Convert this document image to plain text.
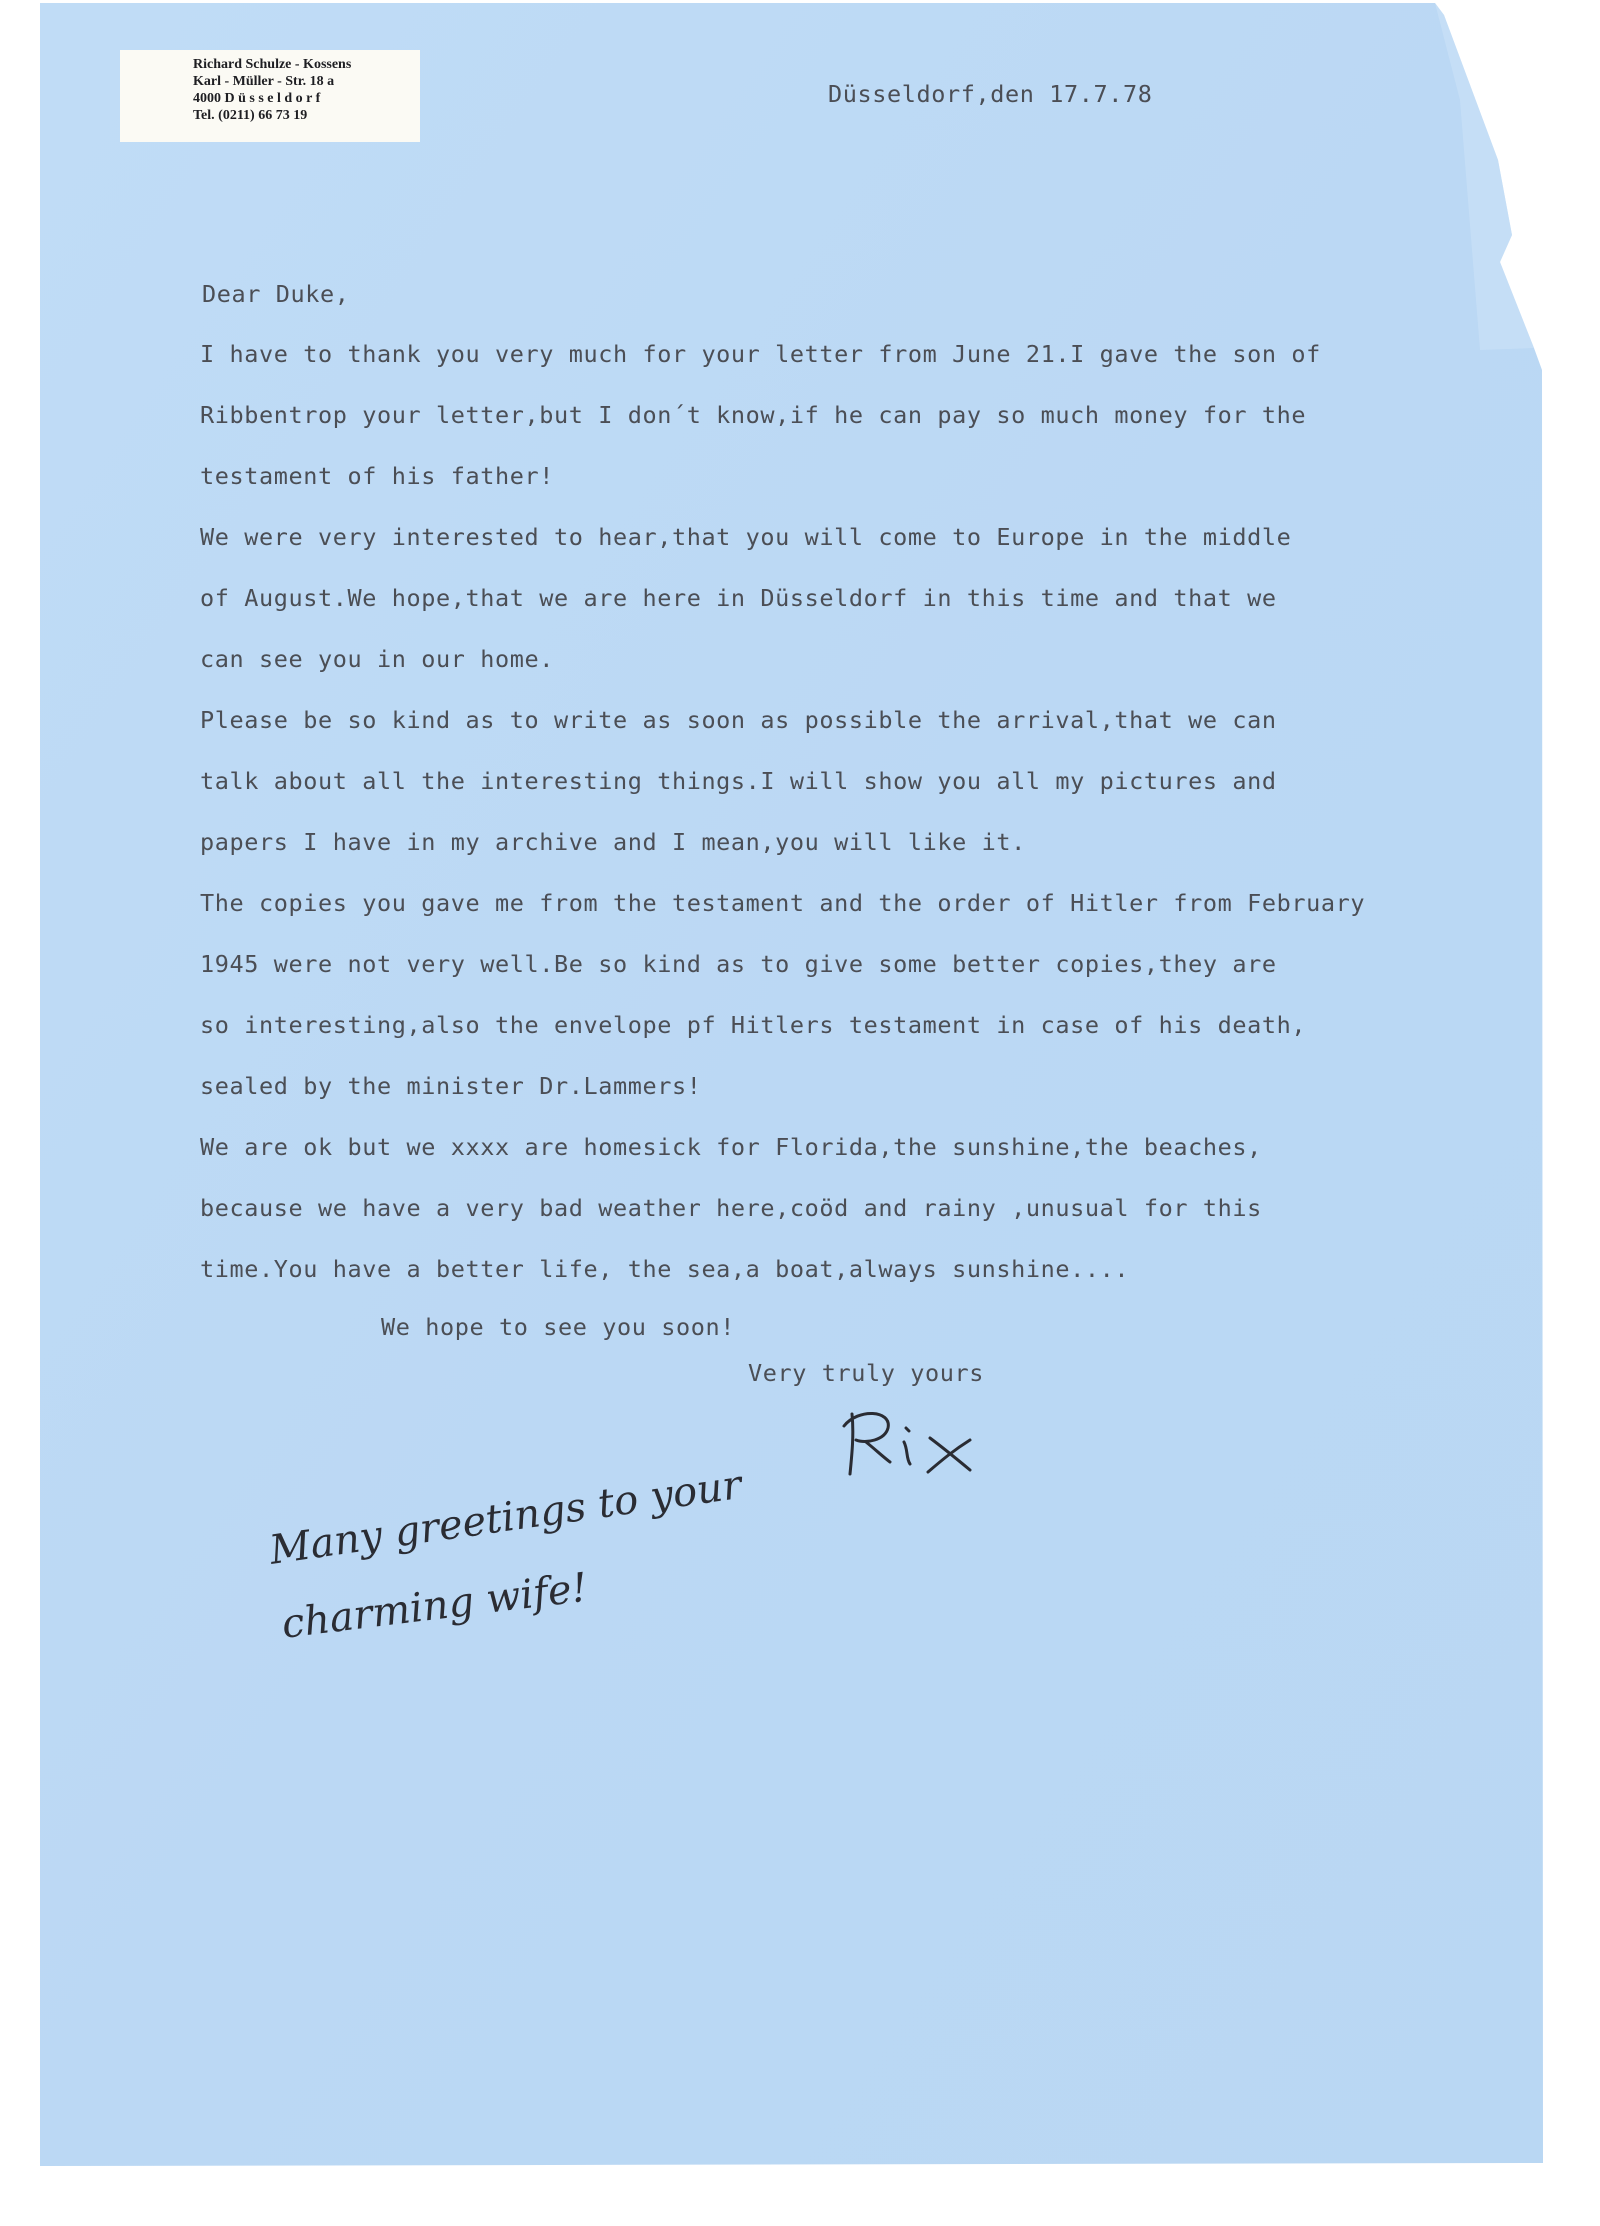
Richard Schulze - Kossens
Karl - Müller - Str. 18 a
4000 D ü s s e l d o r f
Tel. (0211) 66 73 19
Düsseldorf,den 17.7.78
Dear Duke,
I have to thank you very much for your letter from June 21.I gave the son of
Ribbentrop your letter,but I don´t know,if he can pay so much money for the
testament of his father!
We were very interested to hear,that you will come to Europe in the middle
of August.We hope,that we are here in Düsseldorf in this time and that we
can see you in our home.
Please be so kind as to write as soon as possible the arrival,that we can
talk about all the interesting things.I will show you all my pictures and
papers I have in my archive and I mean,you will like it.
The copies you gave me from the testament and the order of Hitler from February
1945 were not very well.Be so kind as to give some better copies,they are
so interesting,also the envelope pf Hitlers testament in case of his death,
sealed by the minister Dr.Lammers!
We are ok but we xxxx are homesick for Florida,the sunshine,the beaches,
because we have a very bad weather here,coöd and rainy ,unusual for this
time.You have a better life, the sea,a boat,always sunshine....
We hope to see you soon!
Very truly yours
Many greetings to your
charming wife!
